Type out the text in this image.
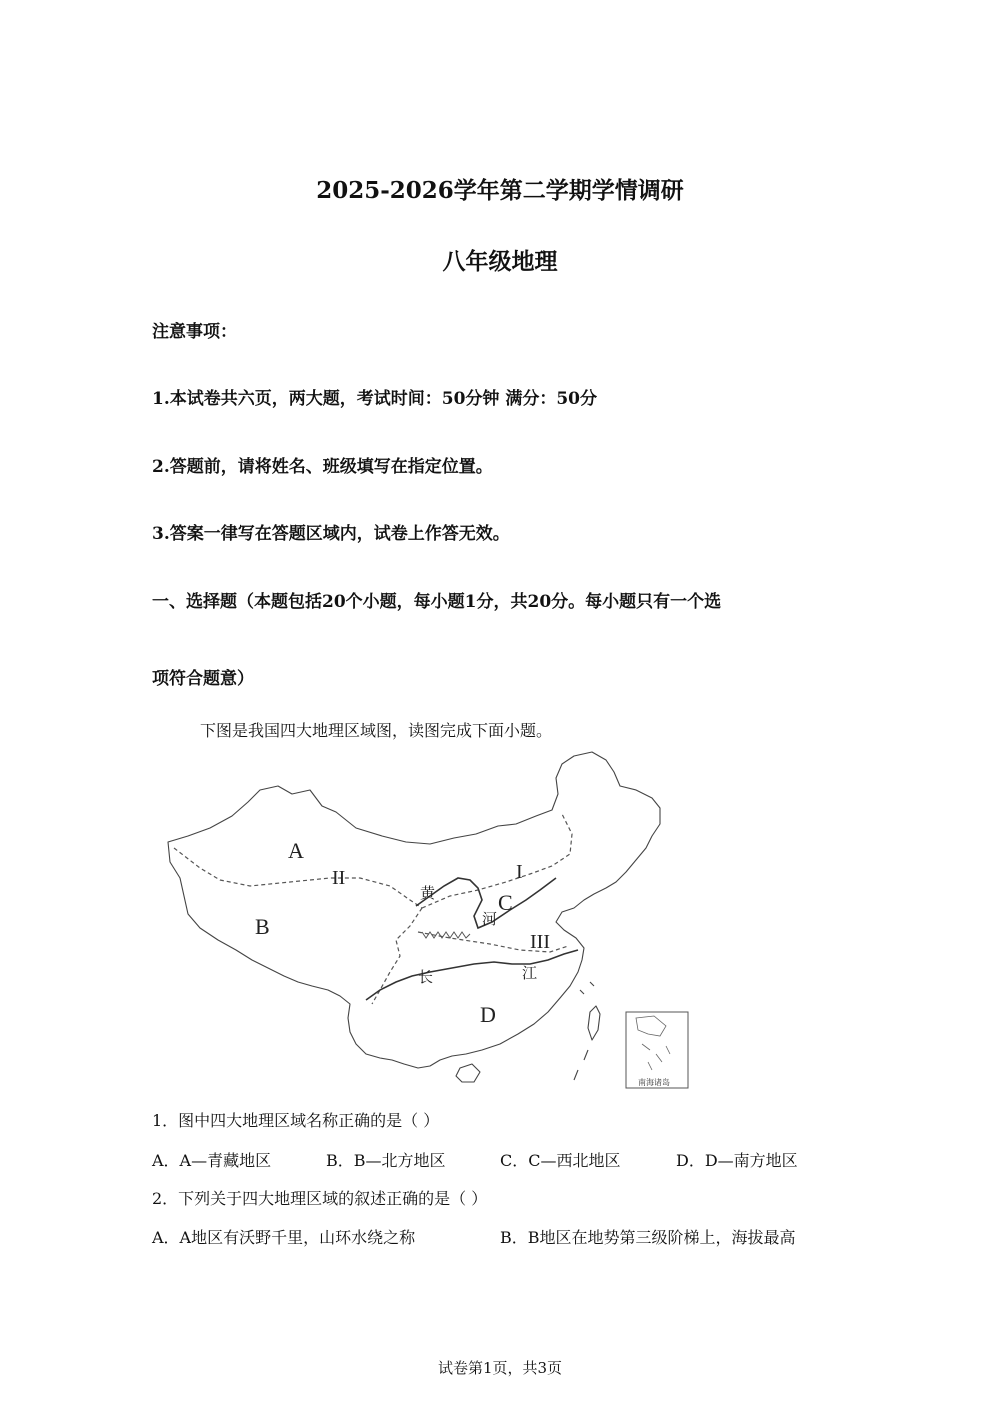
2025-2026学年第二学期学情调研
八年级地理
注意事项：
1.本试卷共六页，两大题，考试时间：50分钟 满分：50分
2.答题前，请将姓名、班级填写在指定位置。
3.答案一律写在答题区域内，试卷上作答无效。
一、选择题（本题包括20个小题，每小题1分，共20分。每小题只有一个选
项符合题意）
下图是我国四大地理区域图，读图完成下面小题。
A
B
C
D
II	I
III
黄
河
长	江
南海诸岛
1．图中四大地理区域名称正确的是（ ）
A．A—青藏地区	B．B—北方地区	C．C—西北地区	D．D—南方地区
2．下列关于四大地理区域的叙述正确的是（ ）
A．A地区有沃野千里，山环水绕之称	B．B地区在地势第三级阶梯上，海拔最高
试卷第1页，共3页
